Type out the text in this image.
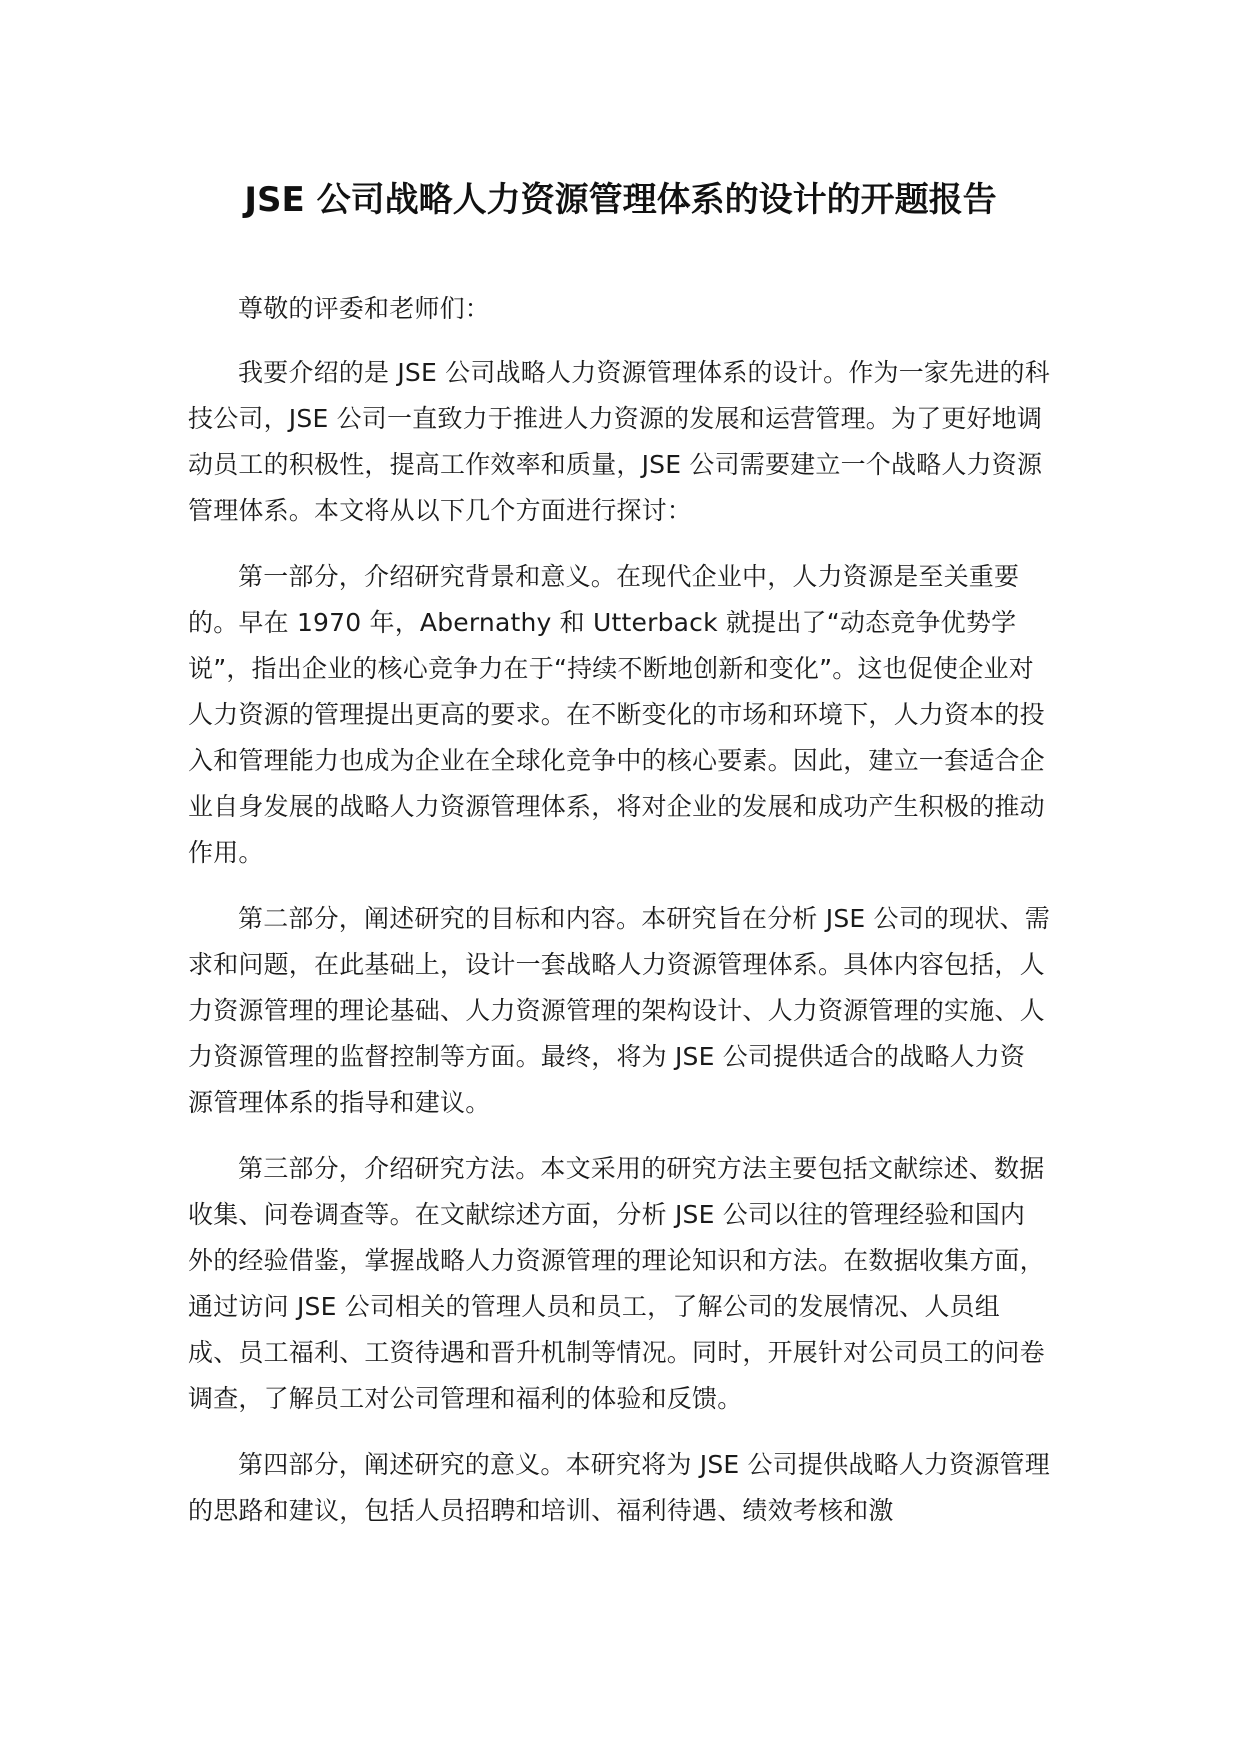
JSE 公司战略人力资源管理体系的设计的开题报告

尊敬的评委和老师们：

我要介绍的是 JSE 公司战略人力资源管理体系的设计。作为一家先进的科技公司，JSE 公司一直致力于推进人力资源的发展和运营管理。为了更好地调动员工的积极性，提高工作效率和质量，JSE 公司需要建立一个战略人力资源管理体系。本文将从以下几个方面进行探讨：

第一部分，介绍研究背景和意义。在现代企业中，人力资源是至关重要的。早在 1970 年，Abernathy 和 Utterback 就提出了“动态竞争优势学说”，指出企业的核心竞争力在于“持续不断地创新和变化”。这也促使企业对人力资源的管理提出更高的要求。在不断变化的市场和环境下，人力资本的投入和管理能力也成为企业在全球化竞争中的核心要素。因此，建立一套适合企业自身发展的战略人力资源管理体系，将对企业的发展和成功产生积极的推动作用。

第二部分，阐述研究的目标和内容。本研究旨在分析 JSE 公司的现状、需求和问题，在此基础上，设计一套战略人力资源管理体系。具体内容包括，人力资源管理的理论基础、人力资源管理的架构设计、人力资源管理的实施、人力资源管理的监督控制等方面。最终，将为 JSE 公司提供适合的战略人力资源管理体系的指导和建议。

第三部分，介绍研究方法。本文采用的研究方法主要包括文献综述、数据收集、问卷调查等。在文献综述方面，分析 JSE 公司以往的管理经验和国内外的经验借鉴，掌握战略人力资源管理的理论知识和方法。在数据收集方面，通过访问 JSE 公司相关的管理人员和员工，了解公司的发展情况、人员组成、员工福利、工资待遇和晋升机制等情况。同时，开展针对公司员工的问卷调查，了解员工对公司管理和福利的体验和反馈。

第四部分，阐述研究的意义。本研究将为 JSE 公司提供战略人力资源管理的思路和建议，包括人员招聘和培训、福利待遇、绩效考核和激
